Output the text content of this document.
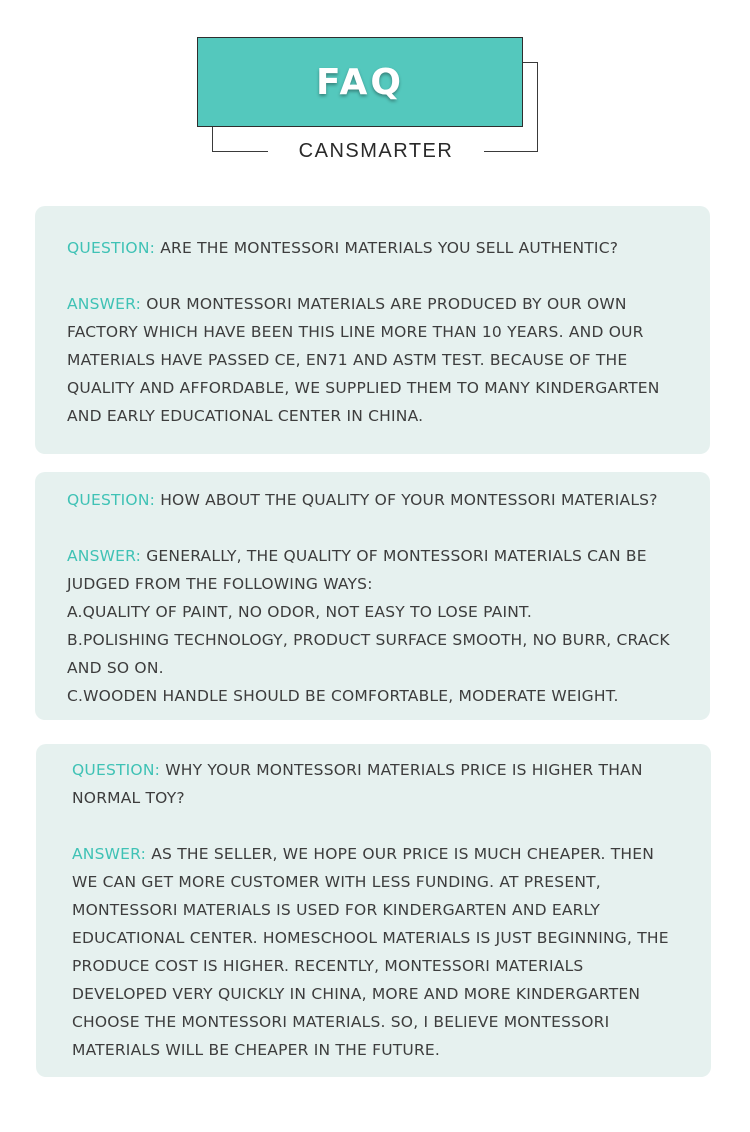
FAQ
CANSMARTER

QUESTION: ARE THE MONTESSORI MATERIALS YOU SELL AUTHENTIC?

ANSWER: OUR MONTESSORI MATERIALS ARE PRODUCED BY OUR OWN FACTORY WHICH HAVE BEEN THIS LINE MORE THAN 10 YEARS. AND OUR MATERIALS HAVE PASSED CE, EN71 AND ASTM TEST. BECAUSE OF THE QUALITY AND AFFORDABLE, WE SUPPLIED THEM TO MANY KINDERGARTEN AND EARLY EDUCATIONAL CENTER IN CHINA.

QUESTION: HOW ABOUT THE QUALITY OF YOUR MONTESSORI MATERIALS?

ANSWER: GENERALLY, THE QUALITY OF MONTESSORI MATERIALS CAN BE JUDGED FROM THE FOLLOWING WAYS:

A.QUALITY OF PAINT, NO ODOR, NOT EASY TO LOSE PAINT.

B.POLISHING TECHNOLOGY, PRODUCT SURFACE SMOOTH, NO BURR, CRACK AND SO ON.

C.WOODEN HANDLE SHOULD BE COMFORTABLE, MODERATE WEIGHT.

QUESTION: WHY YOUR MONTESSORI MATERIALS PRICE IS HIGHER THAN NORMAL TOY?

ANSWER: AS THE SELLER, WE HOPE OUR PRICE IS MUCH CHEAPER. THEN WE CAN GET MORE CUSTOMER WITH LESS FUNDING. AT PRESENT, MONTESSORI MATERIALS IS USED FOR KINDERGARTEN AND EARLY EDUCATIONAL CENTER. HOMESCHOOL MATERIALS IS JUST BEGINNING, THE PRODUCE COST IS HIGHER. RECENTLY, MONTESSORI MATERIALS DEVELOPED VERY QUICKLY IN CHINA, MORE AND MORE KINDERGARTEN CHOOSE THE MONTESSORI MATERIALS. SO, I BELIEVE MONTESSORI MATERIALS WILL BE CHEAPER IN THE FUTURE.
